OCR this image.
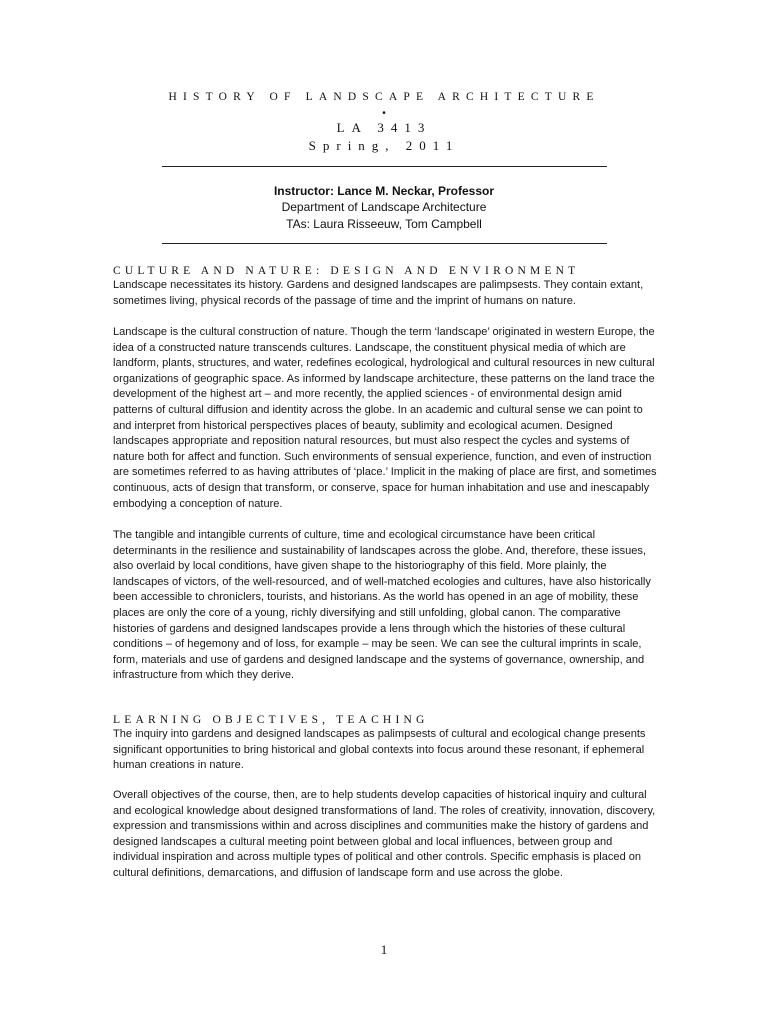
HISTORY OF LANDSCAPE ARCHITECTURE
•
LA 3413
Spring, 2011
Instructor: Lance M. Neckar, Professor
Department of Landscape Architecture
TAs: Laura Risseeuw, Tom Campbell
CULTURE AND NATURE: DESIGN AND ENVIRONMENT

Landscape necessitates its history. Gardens and designed landscapes are palimpsests. They contain extant, sometimes living, physical records of the passage of time and the imprint of humans on nature.

Landscape is the cultural construction of nature. Though the term ‘landscape’ originated in western Europe, the idea of a constructed nature transcends cultures. Landscape, the constituent physical media of which are landform, plants, structures, and water, redefines ecological, hydrological and cultural resources in new cultural organizations of geographic space. As informed by landscape architecture, these patterns on the land trace the development of the highest art – and more recently, the applied sciences - of environmental design amid patterns of cultural diffusion and identity across the globe. In an academic and cultural sense we can point to and interpret from historical perspectives places of beauty, sublimity and ecological acumen. Designed landscapes appropriate and reposition natural resources, but must also respect the cycles and systems of nature both for affect and function. Such environments of sensual experience, function, and even of instruction are sometimes referred to as having attributes of ‘place.’ Implicit in the making of place are first, and sometimes continuous, acts of design that transform, or conserve, space for human inhabitation and use and inescapably embodying a conception of nature.

The tangible and intangible currents of culture, time and ecological circumstance have been critical determinants in the resilience and sustainability of landscapes across the globe. And, therefore, these issues, also overlaid by local conditions, have given shape to the historiography of this field. More plainly, the landscapes of victors, of the well-resourced, and of well-matched ecologies and cultures, have also historically been accessible to chroniclers, tourists, and historians. As the world has opened in an age of mobility, these places are only the core of a young, richly diversifying and still unfolding, global canon. The comparative histories of gardens and designed landscapes provide a lens through which the histories of these cultural conditions – of hegemony and of loss, for example – may be seen. We can see the cultural imprints in scale, form, materials and use of gardens and designed landscape and the systems of governance, ownership, and infrastructure from which they derive.

LEARNING OBJECTIVES, TEACHING

The inquiry into gardens and designed landscapes as palimpsests of cultural and ecological change presents significant opportunities to bring historical and global contexts into focus around these resonant, if ephemeral human creations in nature.

Overall objectives of the course, then, are to help students develop capacities of historical inquiry and cultural and ecological knowledge about designed transformations of land. The roles of creativity, innovation, discovery, expression and transmissions within and across disciplines and communities make the history of gardens and designed landscapes a cultural meeting point between global and local influences, between group and individual inspiration and across multiple types of political and other controls. Specific emphasis is placed on cultural definitions, demarcations, and diffusion of landscape form and use across the globe.

1
